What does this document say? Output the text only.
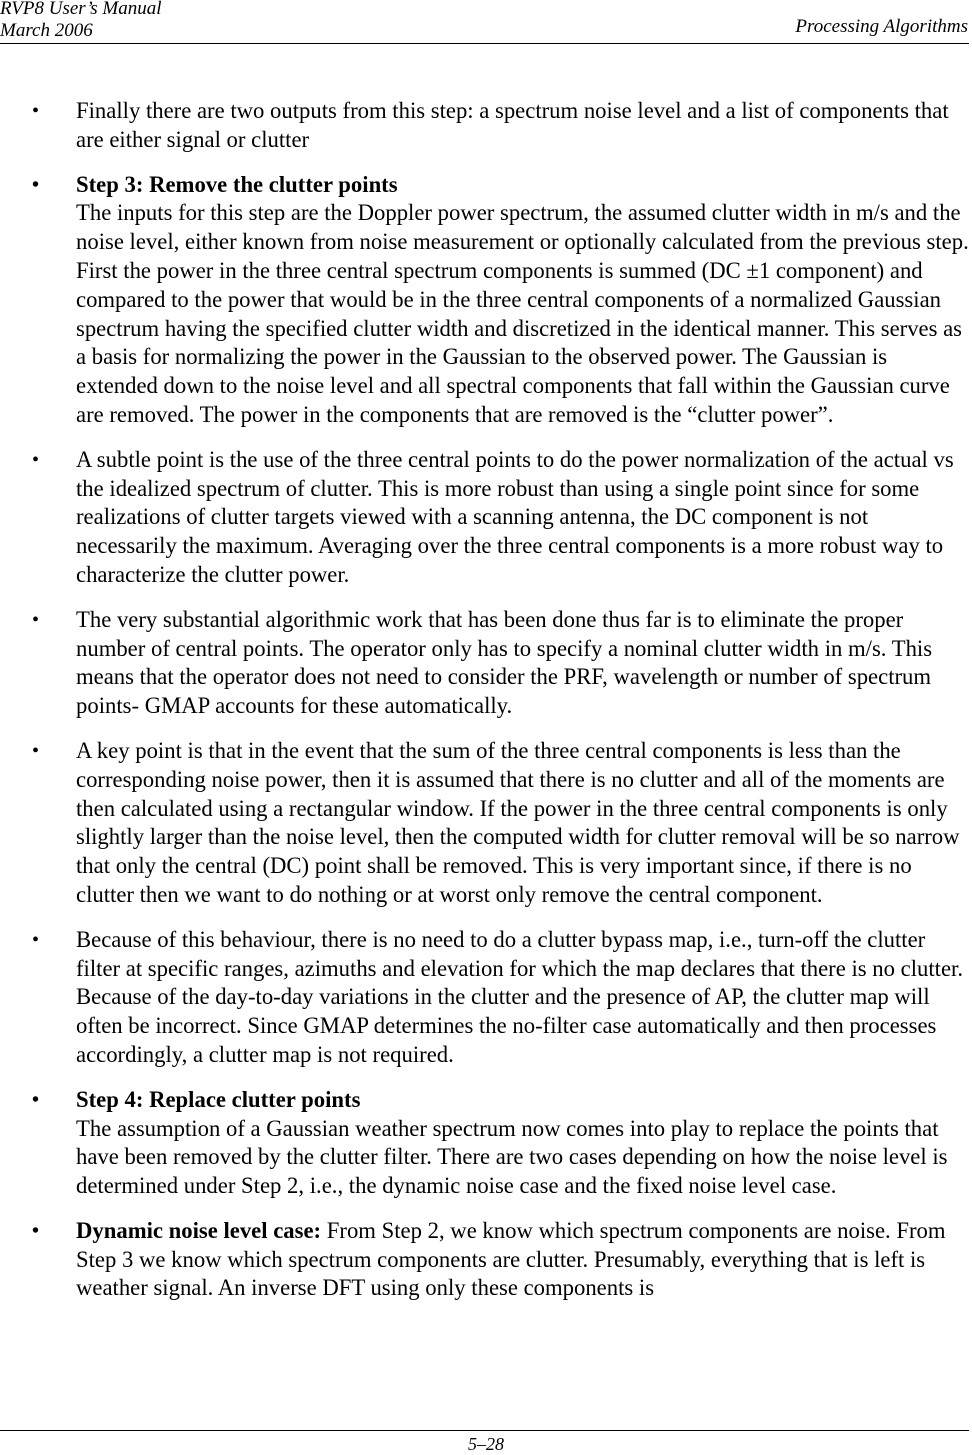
RVP8 User’s Manual
March 2006	Processing Algorithms
• Finally there are two outputs from this step: a spectrum noise level and a list of components that are either signal or clutter
• Step 3: Remove the clutter points
The inputs for this step are the Doppler power spectrum, the assumed clutter width in m/s and the noise level, either known from noise measurement or optionally calculated from the previous step. First the power in the three central spectrum components is summed (DC ±1 component) and compared to the power that would be in the three central components of a normalized Gaussian spectrum having the specified clutter width and discretized in the identical manner. This serves as a basis for normalizing the power in the Gaussian to the observed power. The Gaussian is extended down to the noise level and all spectral components that fall within the Gaussian curve are removed. The power in the components that are removed is the “clutter power”.
• A subtle point is the use of the three central points to do the power normalization of the actual vs the idealized spectrum of clutter. This is more robust than using a single point since for some realizations of clutter targets viewed with a scanning antenna, the DC component is not necessarily the maximum. Averaging over the three central components is a more robust way to characterize the clutter power.
• The very substantial algorithmic work that has been done thus far is to eliminate the proper number of central points. The operator only has to specify a nominal clutter width in m/s. This means that the operator does not need to consider the PRF, wavelength or number of spectrum points- GMAP accounts for these automatically.
• A key point is that in the event that the sum of the three central components is less than the corresponding noise power, then it is assumed that there is no clutter and all of the moments are then calculated using a rectangular window. If the power in the three central components is only slightly larger than the noise level, then the computed width for clutter removal will be so narrow that only the central (DC) point shall be removed. This is very important since, if there is no clutter then we want to do nothing or at worst only remove the central component.
• Because of this behaviour, there is no need to do a clutter bypass map, i.e., turn-off the clutter filter at specific ranges, azimuths and elevation for which the map declares that there is no clutter. Because of the day-to-day variations in the clutter and the presence of AP, the clutter map will often be incorrect. Since GMAP determines the no-filter case automatically and then processes accordingly, a clutter map is not required.
• Step 4: Replace clutter points
The assumption of a Gaussian weather spectrum now comes into play to replace the points that have been removed by the clutter filter. There are two cases depending on how the noise level is determined under Step 2, i.e., the dynamic noise case and the fixed noise level case.
• Dynamic noise level case: From Step 2, we know which spectrum components are noise. From Step 3 we know which spectrum components are clutter. Presumably, everything that is left is weather signal. An inverse DFT using only these components is
5–28
